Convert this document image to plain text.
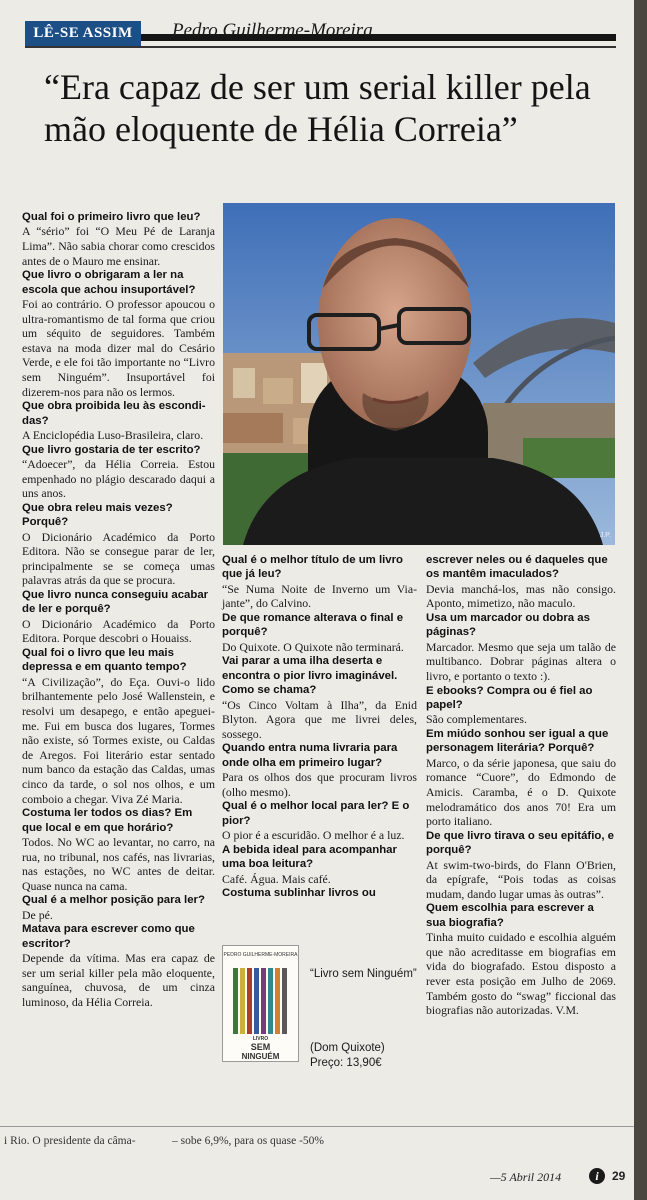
LÊ-SE ASSIM	Pedro Guilherme-Moreira
“Era capaz de ser um serial killer pela mão eloquente de Hélia Correia”

Qual foi o primeiro livro que leu?

A “sério” foi “O Meu Pé de Laranja Lima”. Não sabia chorar como crescidos antes de o Mauro me ensinar.

Que livro o obrigaram a ler na escola que achou insuportável?

Foi ao contrário. O professor apoucou o ultra-romantismo de tal forma que criou um séquito de seguidores. Também estava na moda dizer mal do Cesário Verde, e ele foi tão importante no “Livro sem Ninguém”. Insuportável foi dizerem-nos para não os lermos.

Que obra proibida leu às escondidas?

A Enciclopédia Luso-Brasileira, claro.

Que livro gostaria de ter escrito?

“Adoecer”, da Hélia Correia. Estou empenhado no plágio descarado daqui a uns anos.

Que obra releu mais vezes? Porquê?

O Dicionário Académico da Porto Editora. Não se consegue parar de ler, principalmente se se começa umas palavras atrás da que se procura.

Que livro nunca conseguiu acabar de ler e porquê?

O Dicionário Académico da Porto Editora. Porque descobri o Houaiss.

Qual foi o livro que leu mais depressa e em quanto tempo?

“A Civilização”, do Eça. Ouvi-o lido brilhantemente pelo José Wallenstein, e resolvi um desapego, e então apeguei-me. Fui em busca dos lugares, Tormes não existe, só Tormes existe, ou Caldas de Aregos. Foi literário estar sentado num banco da estação das Caldas, umas cinco da tarde, o sol nos olhos, e um comboio a chegar. Viva Zé Maria.

Costuma ler todos os dias? Em que local e em que horário?

Todos. No WC ao levantar, no carro, na rua, no tribunal, nos cafés, nas livrarias, nas estações, no WC antes de deitar. Quase nunca na cama.

Qual é a melhor posição para ler?

De pé.

Matava para escrever como que escritor?

Depende da vítima. Mas era capaz de ser um serial killer pela mão eloquente, sanguínea, chuvosa, de um cinza luminoso, da Hélia Correia.

J.P.

Qual é o melhor título de um livro que já leu?

“Se Numa Noite de Inverno um Viajante”, do Calvino.

De que romance alterava o final e porquê?

Do Quixote. O Quixote não terminará.

Vai parar a uma ilha deserta e encontra o pior livro imaginável. Como se chama?

“Os Cinco Voltam à Ilha”, da Enid Blyton. Agora que me livrei deles, sossego.

Quando entra numa livraria para onde olha em primeiro lugar?

Para os olhos dos que procuram livros (olho mesmo).

Qual é o melhor local para ler? E o pior?

O pior é a escuridão. O melhor é a luz.

A bebida ideal para acompanhar uma boa leitura?

Café. Água. Mais café.

Costuma sublinhar livros ou

escrever neles ou é daqueles que os mantêm imaculados?

Devia manchá-los, mas não consigo. Aponto, mimetizo, não maculo.

Usa um marcador ou dobra as páginas?

Marcador. Mesmo que seja um talão de multibanco. Dobrar páginas altera o livro, e portanto o texto :).

E ebooks? Compra ou é fiel ao papel?

São complementares.

Em miúdo sonhou ser igual a que personagem literária? Porquê?

Marco, o da série japonesa, que saiu do romance “Cuore”, do Edmondo de Amicis. Caramba, é o D. Quixote melodramático dos anos 70! Era um porto italiano.

De que livro tirava o seu epitáfio, e porquê?

At swim-two-birds, do Flann O'Brien, da epígrafe, “Pois todas as coisas mudam, dando lugar umas às outras”.

Quem escolhia para escrever a sua biografia?

Tinha muito cuidado e escolhia alguém que não acreditasse em biografias em vida do biografado. Estou disposto a rever esta posição em Julho de 2069. Também gosto do “swag” ficcional das biografias não autorizadas. V.M.

PEDRO GUILHERME-MOREIRA
LIVRO
SEM
NINGUÉM
“Livro sem Ninguém”
(Dom Quixote)
Preço: 13,90€
i Rio. O presidente da câma-	– sobe 6,9%, para os quase -50%
—5 Abril 2014	i	29
